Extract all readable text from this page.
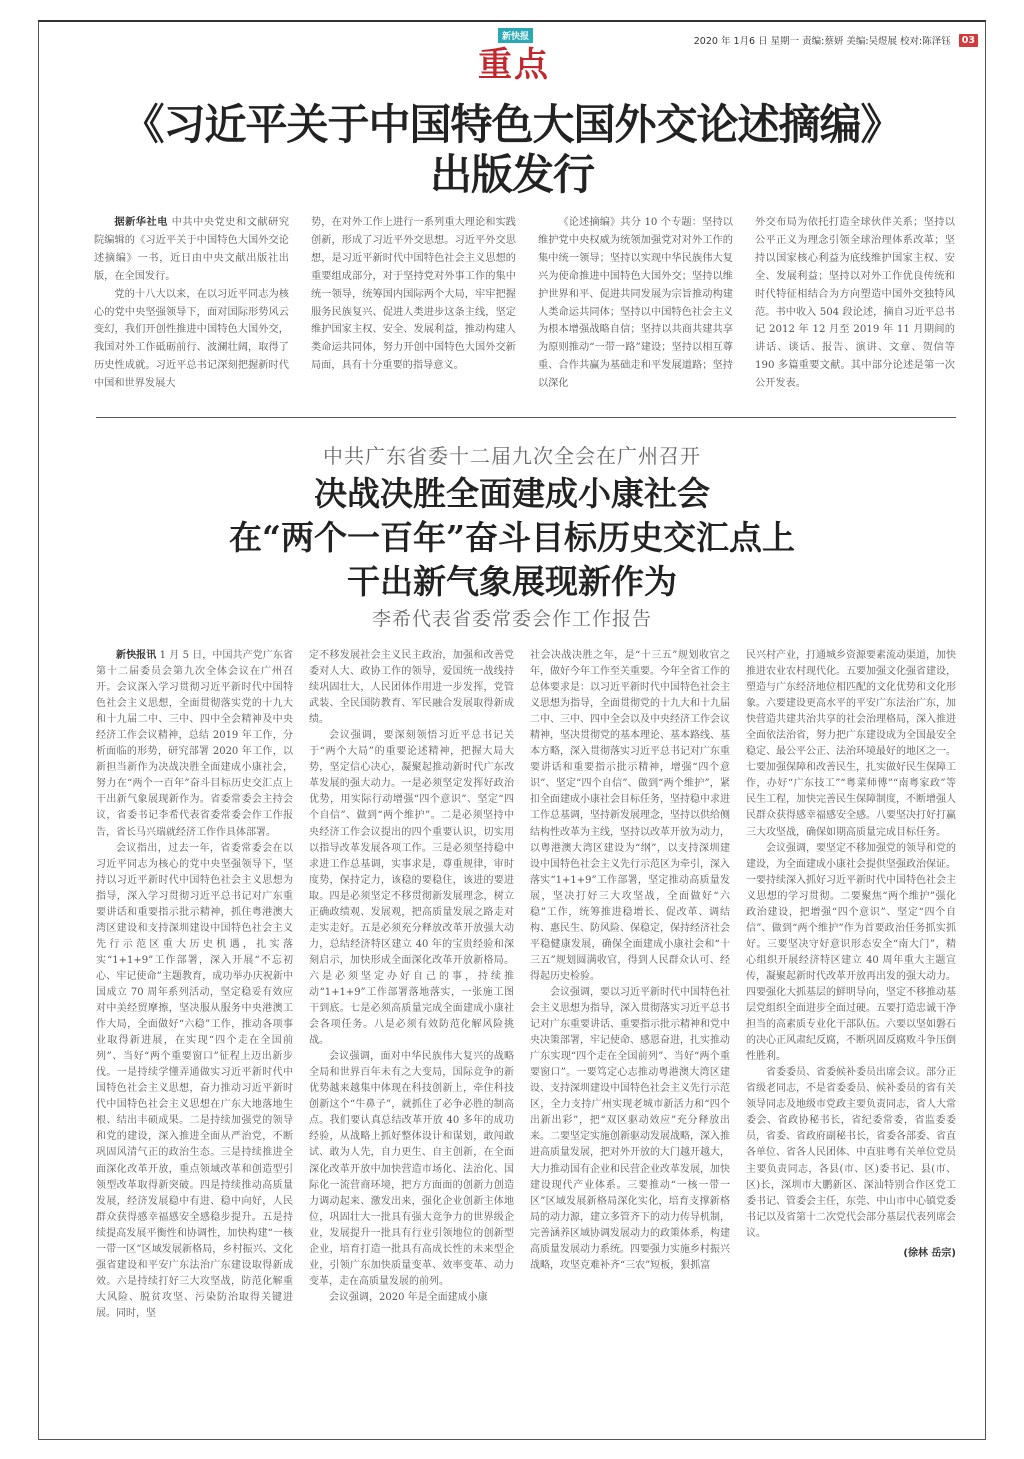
新快报
重点
2020 年 1月6 日 星期一 责编:蔡妍 美编:吴煜展 校对:陈泽钰	03
《习近平关于中国特色大国外交论述摘编》
出版发行

据新华社电 中共中央党史和文献研究院编辑的《习近平关于中国特色大国外交论述摘编》一书，近日由中央文献出版社出版，在全国发行。

党的十八大以来，在以习近平同志为核心的党中央坚强领导下，面对国际形势风云变幻，我们开创性推进中国特色大国外交，我国对外工作砥砺前行、波澜壮阔，取得了历史性成就。习近平总书记深刻把握新时代中国和世界发展大

势，在对外工作上进行一系列重大理论和实践创新，形成了习近平外交思想。习近平外交思想，是习近平新时代中国特色社会主义思想的重要组成部分，对于坚持党对外事工作的集中统一领导，统筹国内国际两个大局，牢牢把握服务民族复兴、促进人类进步这条主线，坚定维护国家主权、安全、发展利益，推动构建人类命运共同体，努力开创中国特色大国外交新局面，具有十分重要的指导意义。

《论述摘编》共分 10 个专题：坚持以维护党中央权威为统领加强党对对外工作的集中统一领导；坚持以实现中华民族伟大复兴为使命推进中国特色大国外交；坚持以维护世界和平、促进共同发展为宗旨推动构建人类命运共同体；坚持以中国特色社会主义为根本增强战略自信；坚持以共商共建共享为原则推动“一带一路”建设；坚持以相互尊重、合作共赢为基础走和平发展道路；坚持以深化

外交布局为依托打造全球伙伴关系；坚持以公平正义为理念引领全球治理体系改革；坚持以国家核心利益为底线维护国家主权、安全、发展利益；坚持以对外工作优良传统和时代特征相结合为方向塑造中国外交独特风范。书中收入 504 段论述，摘自习近平总书记 2012 年 12 月至 2019 年 11 月期间的讲话、谈话、报告、演讲、文章、贺信等 190 多篇重要文献。其中部分论述是第一次公开发表。

中共广东省委十二届九次全会在广州召开
决战决胜全面建成小康社会
在“两个一百年”奋斗目标历史交汇点上
干出新气象展现新作为
李希代表省委常委会作工作报告

新快报讯 1 月 5 日，中国共产党广东省第十二届委员会第九次全体会议在广州召开。会议深入学习贯彻习近平新时代中国特色社会主义思想，全面贯彻落实党的十九大和十九届二中、三中、四中全会精神及中央经济工作会议精神，总结 2019 年工作，分析面临的形势，研究部署 2020 年工作，以新担当新作为决战决胜全面建成小康社会，努力在“两个一百年”奋斗目标历史交汇点上干出新气象展现新作为。省委常委会主持会议，省委书记李希代表省委常委会作工作报告，省长马兴瑞就经济工作作具体部署。

会议指出，过去一年，省委常委会在以习近平同志为核心的党中央坚强领导下，坚持以习近平新时代中国特色社会主义思想为指导，深入学习贯彻习近平总书记对广东重要讲话和重要指示批示精神，抓住粤港澳大湾区建设和支持深圳建设中国特色社会主义先行示范区重大历史机遇，扎实落实“1+1+9”工作部署，深入开展“不忘初心、牢记使命”主题教育，成功举办庆祝新中国成立 70 周年系列活动，坚定稳妥有效应对中美经贸摩擦，坚决服从服务中央港澳工作大局，全面做好“六稳”工作，推动各项事业取得新进展，在实现“四个走在全国前列”、当好“两个重要窗口”征程上迈出新步伐。一是持续学懂弄通做实习近平新时代中国特色社会主义思想，奋力推动习近平新时代中国特色社会主义思想在广东大地落地生根、结出丰硕成果。二是持续加强党的领导和党的建设，深入推进全面从严治党，不断巩固风清气正的政治生态。三是持续推进全面深化改革开放，重点领域改革和创造型引领型改革取得新突破。四是持续推动高质量发展，经济发展稳中有进、稳中向好，人民群众获得感幸福感安全感稳步提升。五是持续提高发展平衡性和协调性，加快构建“一核一带一区”区域发展新格局，乡村振兴、文化强省建设和平安广东法治广东建设取得新成效。六是持续打好三大攻坚战，防范化解重大风险、脱贫攻坚、污染防治取得关键进展。同时，坚

定不移发展社会主义民主政治，加强和改善党委对人大、政协工作的领导，爱国统一战线持续巩固壮大，人民团体作用进一步发挥，党管武装、全民国防教育、军民融合发展取得新成绩。

会议强调，要深刻领悟习近平总书记关于“两个大局”的重要论述精神，把握大局大势，坚定信心决心，凝聚起推动新时代广东改革发展的强大动力。一是必须坚定发挥好政治优势，用实际行动增强“四个意识”、坚定“四个自信”、做到“两个维护”。二是必须坚持中央经济工作会议提出的四个重要认识，切实用以指导改革发展各项工作。三是必须坚持稳中求进工作总基调，实事求是，尊重规律，审时度势，保持定力，该稳的要稳住，该进的要进取。四是必须坚定不移贯彻新发展理念，树立正确政绩观、发展观，把高质量发展之路走对走实走好。五是必须充分释放改革开放强大动力，总结经济特区建立 40 年的宝贵经验和深刻启示，加快形成全面深化改革开放新格局。六是必须坚定办好自己的事，持续推动“1+1+9”工作部署落地落实，一张施工图干到底。七是必须高质量完成全面建成小康社会各项任务。八是必须有效防范化解风险挑战。

会议强调，面对中华民族伟大复兴的战略全局和世界百年未有之大变局，国际竞争的新优势越来越集中体现在科技创新上，牵住科技创新这个“牛鼻子”，就抓住了必争必胜的制高点。我们要认真总结改革开放 40 多年的成功经验，从战略上抓好整体设计和谋划，敢闯敢试、敢为人先，自力更生、自主创新，在全面深化改革开放中加快营造市场化、法治化、国际化一流营商环境，把方方面面的创新力创造力调动起来、激发出来，强化企业创新主体地位，巩固壮大一批具有强大竞争力的世界级企业，发展提升一批具有行业引领地位的创新型企业，培育打造一批具有高成长性的未来型企业，引领广东加快质量变革、效率变革、动力变革，走在高质量发展的前列。

会议强调，2020 年是全面建成小康

社会决战决胜之年，是“十三五”规划收官之年，做好今年工作至关重要。今年全省工作的总体要求是：以习近平新时代中国特色社会主义思想为指导，全面贯彻党的十九大和十九届二中、三中、四中全会以及中央经济工作会议精神，坚决贯彻党的基本理论、基本路线、基本方略，深入贯彻落实习近平总书记对广东重要讲话和重要指示批示精神，增强“四个意识”、坚定“四个自信”、做到“两个维护”，紧扣全面建成小康社会目标任务，坚持稳中求进工作总基调，坚持新发展理念，坚持以供给侧结构性改革为主线，坚持以改革开放为动力，以粤港澳大湾区建设为“纲”，以支持深圳建设中国特色社会主义先行示范区为牵引，深入落实“1+1+9”工作部署，坚定推动高质量发展，坚决打好三大攻坚战，全面做好“六稳”工作，统筹推进稳增长、促改革、调结构、惠民生、防风险、保稳定，保持经济社会平稳健康发展，确保全面建成小康社会和“十三五”规划圆满收官，得到人民群众认可、经得起历史检验。

会议强调，要以习近平新时代中国特色社会主义思想为指导，深入贯彻落实习近平总书记对广东重要讲话、重要指示批示精神和党中央决策部署，牢记使命、感恩奋进，扎实推动广东实现“四个走在全国前列”、当好“两个重要窗口”。一要笃定心志推动粤港澳大湾区建设、支持深圳建设中国特色社会主义先行示范区，全力支持广州实现老城市新活力和“四个出新出彩”，把“双区驱动效应”充分释放出来。二要坚定实施创新驱动发展战略，深入推进高质量发展，把对外开放的大门越开越大，大力推动国有企业和民营企业改革发展，加快建设现代产业体系。三要推动“一核一带一区”区域发展新格局深化实化，培育支撑新格局的动力源，建立多管齐下的动力传导机制，完善涵养区域协调发展动力的政策体系，构建高质量发展动力系统。四要强力实施乡村振兴战略，攻坚克难补齐“三农”短板，狠抓富

民兴村产业，打通城乡资源要素流动渠道，加快推进农业农村现代化。五要加强文化强省建设，塑造与广东经济地位相匹配的文化优势和文化形象。六要建设更高水平的平安广东法治广东，加快营造共建共治共享的社会治理格局，深入推进全面依法治省，努力把广东建设成为全国最安全稳定、最公平公正、法治环境最好的地区之一。七要加强保障和改善民生，扎实做好民生保障工作，办好“广东技工”“粤菜师傅”“南粤家政”等民生工程，加快完善民生保障制度，不断增强人民群众获得感幸福感安全感。八要坚决打好打赢三大攻坚战，确保如期高质量完成目标任务。

会议强调，要坚定不移加强党的领导和党的建设，为全面建成小康社会提供坚强政治保证。一要持续深入抓好习近平新时代中国特色社会主义思想的学习贯彻。二要聚焦“两个维护”强化政治建设，把增强“四个意识”、坚定“四个自信”、做到“两个维护”作为首要政治任务抓实抓好。三要坚决守好意识形态安全“南大门”，精心组织开展经济特区建立 40 周年重大主题宣传，凝聚起新时代改革开放再出发的强大动力。四要强化大抓基层的鲜明导向，坚定不移推动基层党组织全面进步全面过硬。五要打造忠诚干净担当的高素质专业化干部队伍。六要以坚如磐石的决心正风肃纪反腐，不断巩固反腐败斗争压倒性胜利。

省委委员、省委候补委员出席会议。部分正省级老同志，不是省委委员、候补委员的省有关领导同志及地级市党政主要负责同志，省人大常委会、省政协秘书长，省纪委常委，省监委委员，省委、省政府副秘书长，省委各部委、省直各单位、省各人民团体、中直驻粤有关单位党员主要负责同志，各县(市、区)委书记、县(市、区)长，深圳市大鹏新区、深汕特别合作区党工委书记、管委会主任，东莞、中山市中心镇党委书记以及省第十二次党代会部分基层代表列席会议。

(徐林 岳宗)
